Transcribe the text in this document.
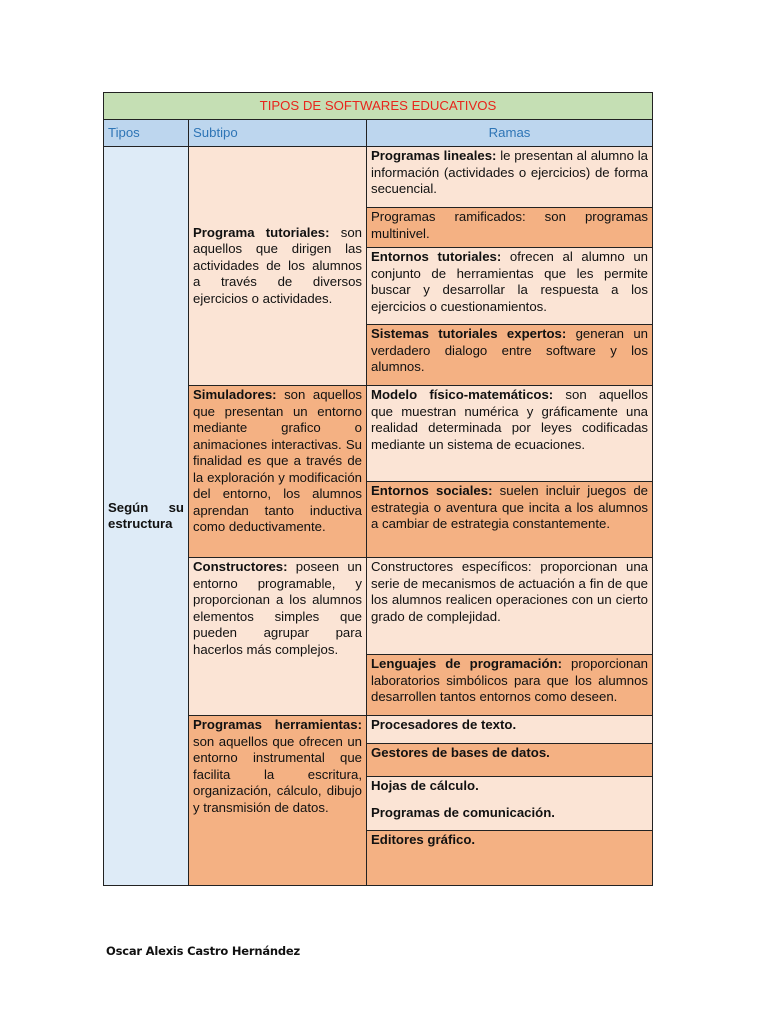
TIPOS DE SOFTWARES EDUCATIVOS		
Tipos	Subtipo	Ramas
Según su estructura	Programa tutoriales: son aquellos que dirigen las actividades de los alumnos a través de diversos ejercicios o actividades.	Programas lineales: le presentan al alumno la información (actividades o ejercicios) de forma secuencial.
		Programas ramificados: son programas multinivel.
		Entornos tutoriales: ofrecen al alumno un conjunto de herramientas que les permite buscar y desarrollar la respuesta a los ejercicios o cuestionamientos.
		Sistemas tutoriales expertos: generan un verdadero dialogo entre software y los alumnos.
	Simuladores: son aquellos que presentan un entorno mediante grafico o animaciones interactivas. Su finalidad es que a través de la exploración y modificación del entorno, los alumnos aprendan tanto inductiva como deductivamente.	Modelo físico-matemáticos: son aquellos que muestran numérica y gráficamente una realidad determinada por leyes codificadas mediante un sistema de ecuaciones.
		Entornos sociales: suelen incluir juegos de estrategia o aventura que incita a los alumnos a cambiar de estrategia constantemente.
	Constructores: poseen un entorno programable, y proporcionan a los alumnos elementos simples que pueden agrupar para hacerlos más complejos.	Constructores específicos: proporcionan una serie de mecanismos de actuación a fin de que los alumnos realicen operaciones con un cierto grado de complejidad.
		Lenguajes de programación: proporcionan laboratorios simbólicos para que los alumnos desarrollen tantos entornos como deseen.
	Programas herramientas: son aquellos que ofrecen un entorno instrumental que facilita la escritura, organización, cálculo, dibujo y transmisión de datos.	Procesadores de texto.
		Gestores de bases de datos.
		Hojas de cálculo.
		Programas de comunicación.
		Editores gráfico.
Oscar Alexis Castro Hernández
